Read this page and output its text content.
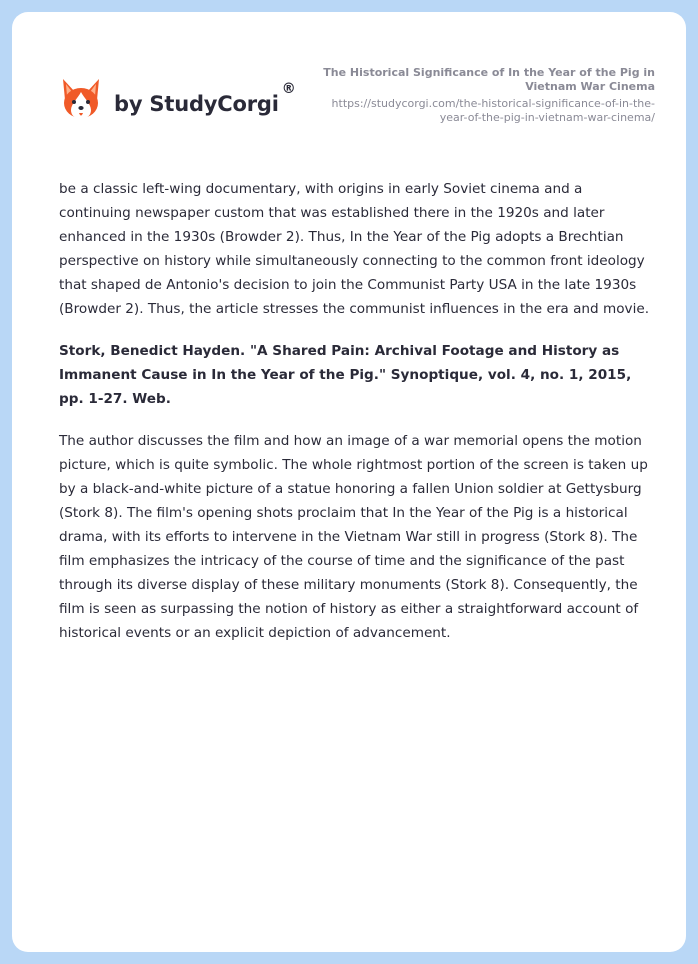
by StudyCorgi
®
The Historical Significance of In the Year of the Pig in
Vietnam War Cinema
https://studycorgi.com/the-historical-significance-of-in-the-
year-of-the-pig-in-vietnam-war-cinema/

be a classic left-wing documentary, with origins in early Soviet cinema and a continuing newspaper custom that was established there in the 1920s and later enhanced in the 1930s (Browder 2). Thus, In the Year of the Pig adopts a Brechtian perspective on history while simultaneously connecting to the common front ideology that shaped de Antonio's decision to join the Communist Party USA in the late 1930s (Browder 2). Thus, the article stresses the communist influences in the era and movie.

Stork, Benedict Hayden. "A Shared Pain: Archival Footage and History as Immanent Cause in In the Year of the Pig." Synoptique, vol. 4, no. 1, 2015, pp. 1-27. Web.

The author discusses the film and how an image of a war memorial opens the motion picture, which is quite symbolic. The whole rightmost portion of the screen is taken up by a black-and-white picture of a statue honoring a fallen Union soldier at Gettysburg (Stork 8). The film's opening shots proclaim that In the Year of the Pig is a historical drama, with its efforts to intervene in the Vietnam War still in progress (Stork 8). The film emphasizes the intricacy of the course of time and the significance of the past through its diverse display of these military monuments (Stork 8). Consequently, the film is seen as surpassing the notion of history as either a straightforward account of historical events or an explicit depiction of advancement.
